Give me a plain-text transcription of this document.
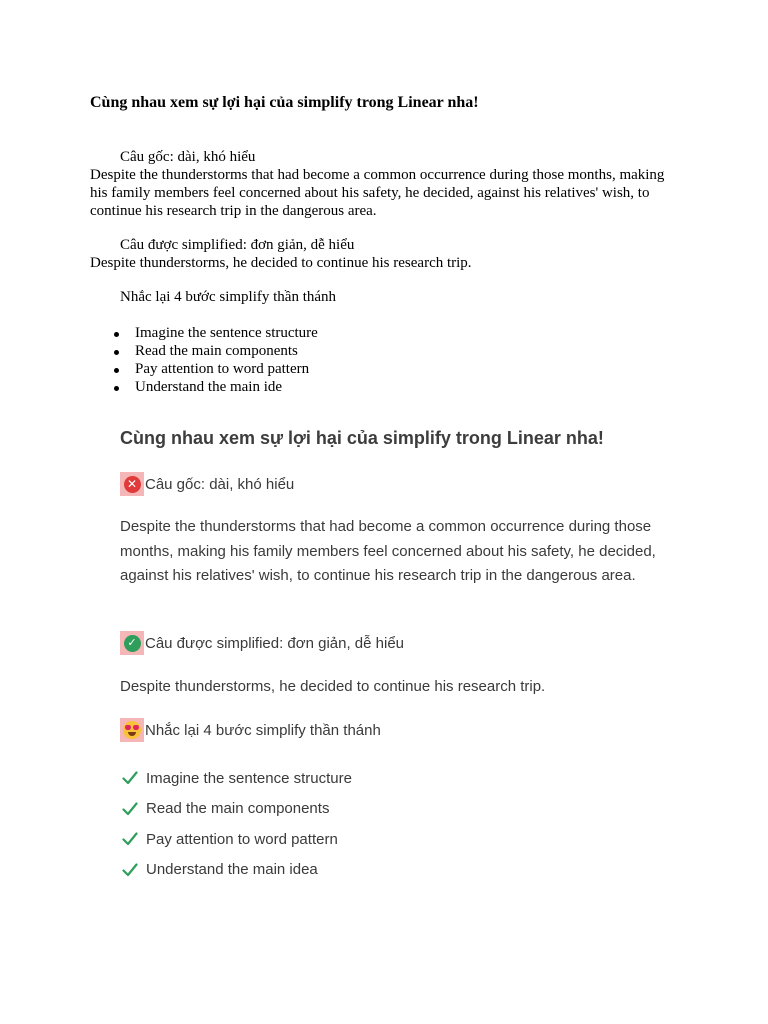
Cùng nhau xem sự lợi hại của simplify trong Linear nha!
Câu gốc: dài, khó hiểu

Despite the thunderstorms that had become a common occurrence during those months, making his family members feel concerned about his safety, he decided, against his relatives' wish, to continue his research trip in the dangerous area.

Câu được simplified: đơn giản, dễ hiểu

Despite thunderstorms, he decided to continue his research trip.

Nhắc lại 4 bước simplify thần thánh
Imagine the sentence structure
Read the main components
Pay attention to word pattern
Understand the main ide
Cùng nhau xem sự lợi hại của simplify trong Linear nha!
✕ Câu gốc: dài, khó hiểu

Despite the thunderstorms that had become a common occurrence during those months, making his family members feel concerned about his safety, he decided, against his relatives' wish, to continue his research trip in the dangerous area.

✓ Câu được simplified: đơn giản, dễ hiểu

Despite thunderstorms, he decided to continue his research trip.

Nhắc lại 4 bước simplify thần thánh
Imagine the sentence structure
Read the main components
Pay attention to word pattern
Understand the main idea
